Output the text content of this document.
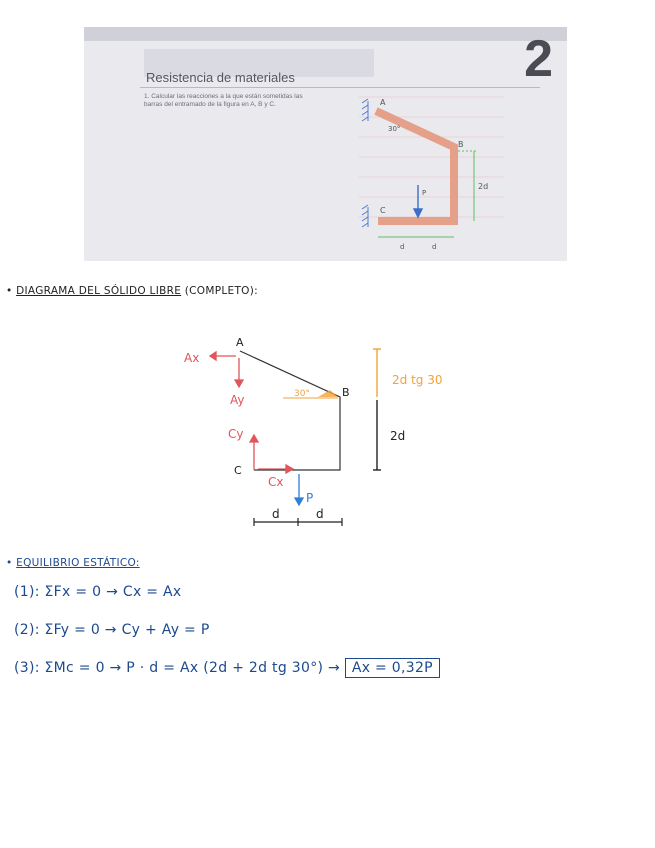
2
Resistencia de materiales
1. Calcular las reacciones a la que están sometidas las barras del entramado de la figura en A, B y C.	A
B
C
30°
2d
P
d	d
• DIAGRAMA DEL SÓLIDO LIBRE (COMPLETO):
A
B
C
Ax
Ay
Cy
Cx
P
30°
2d tg 30
2d
d	d
• EQUILIBRIO ESTÁTICO:
(1): ΣFx = 0 → Cx = Ax
(2): ΣFy = 0 → Cy + Ay = P
(3): ΣMc = 0 → P · d = Ax (2d + 2d tg 30°) → Ax = 0,32P
